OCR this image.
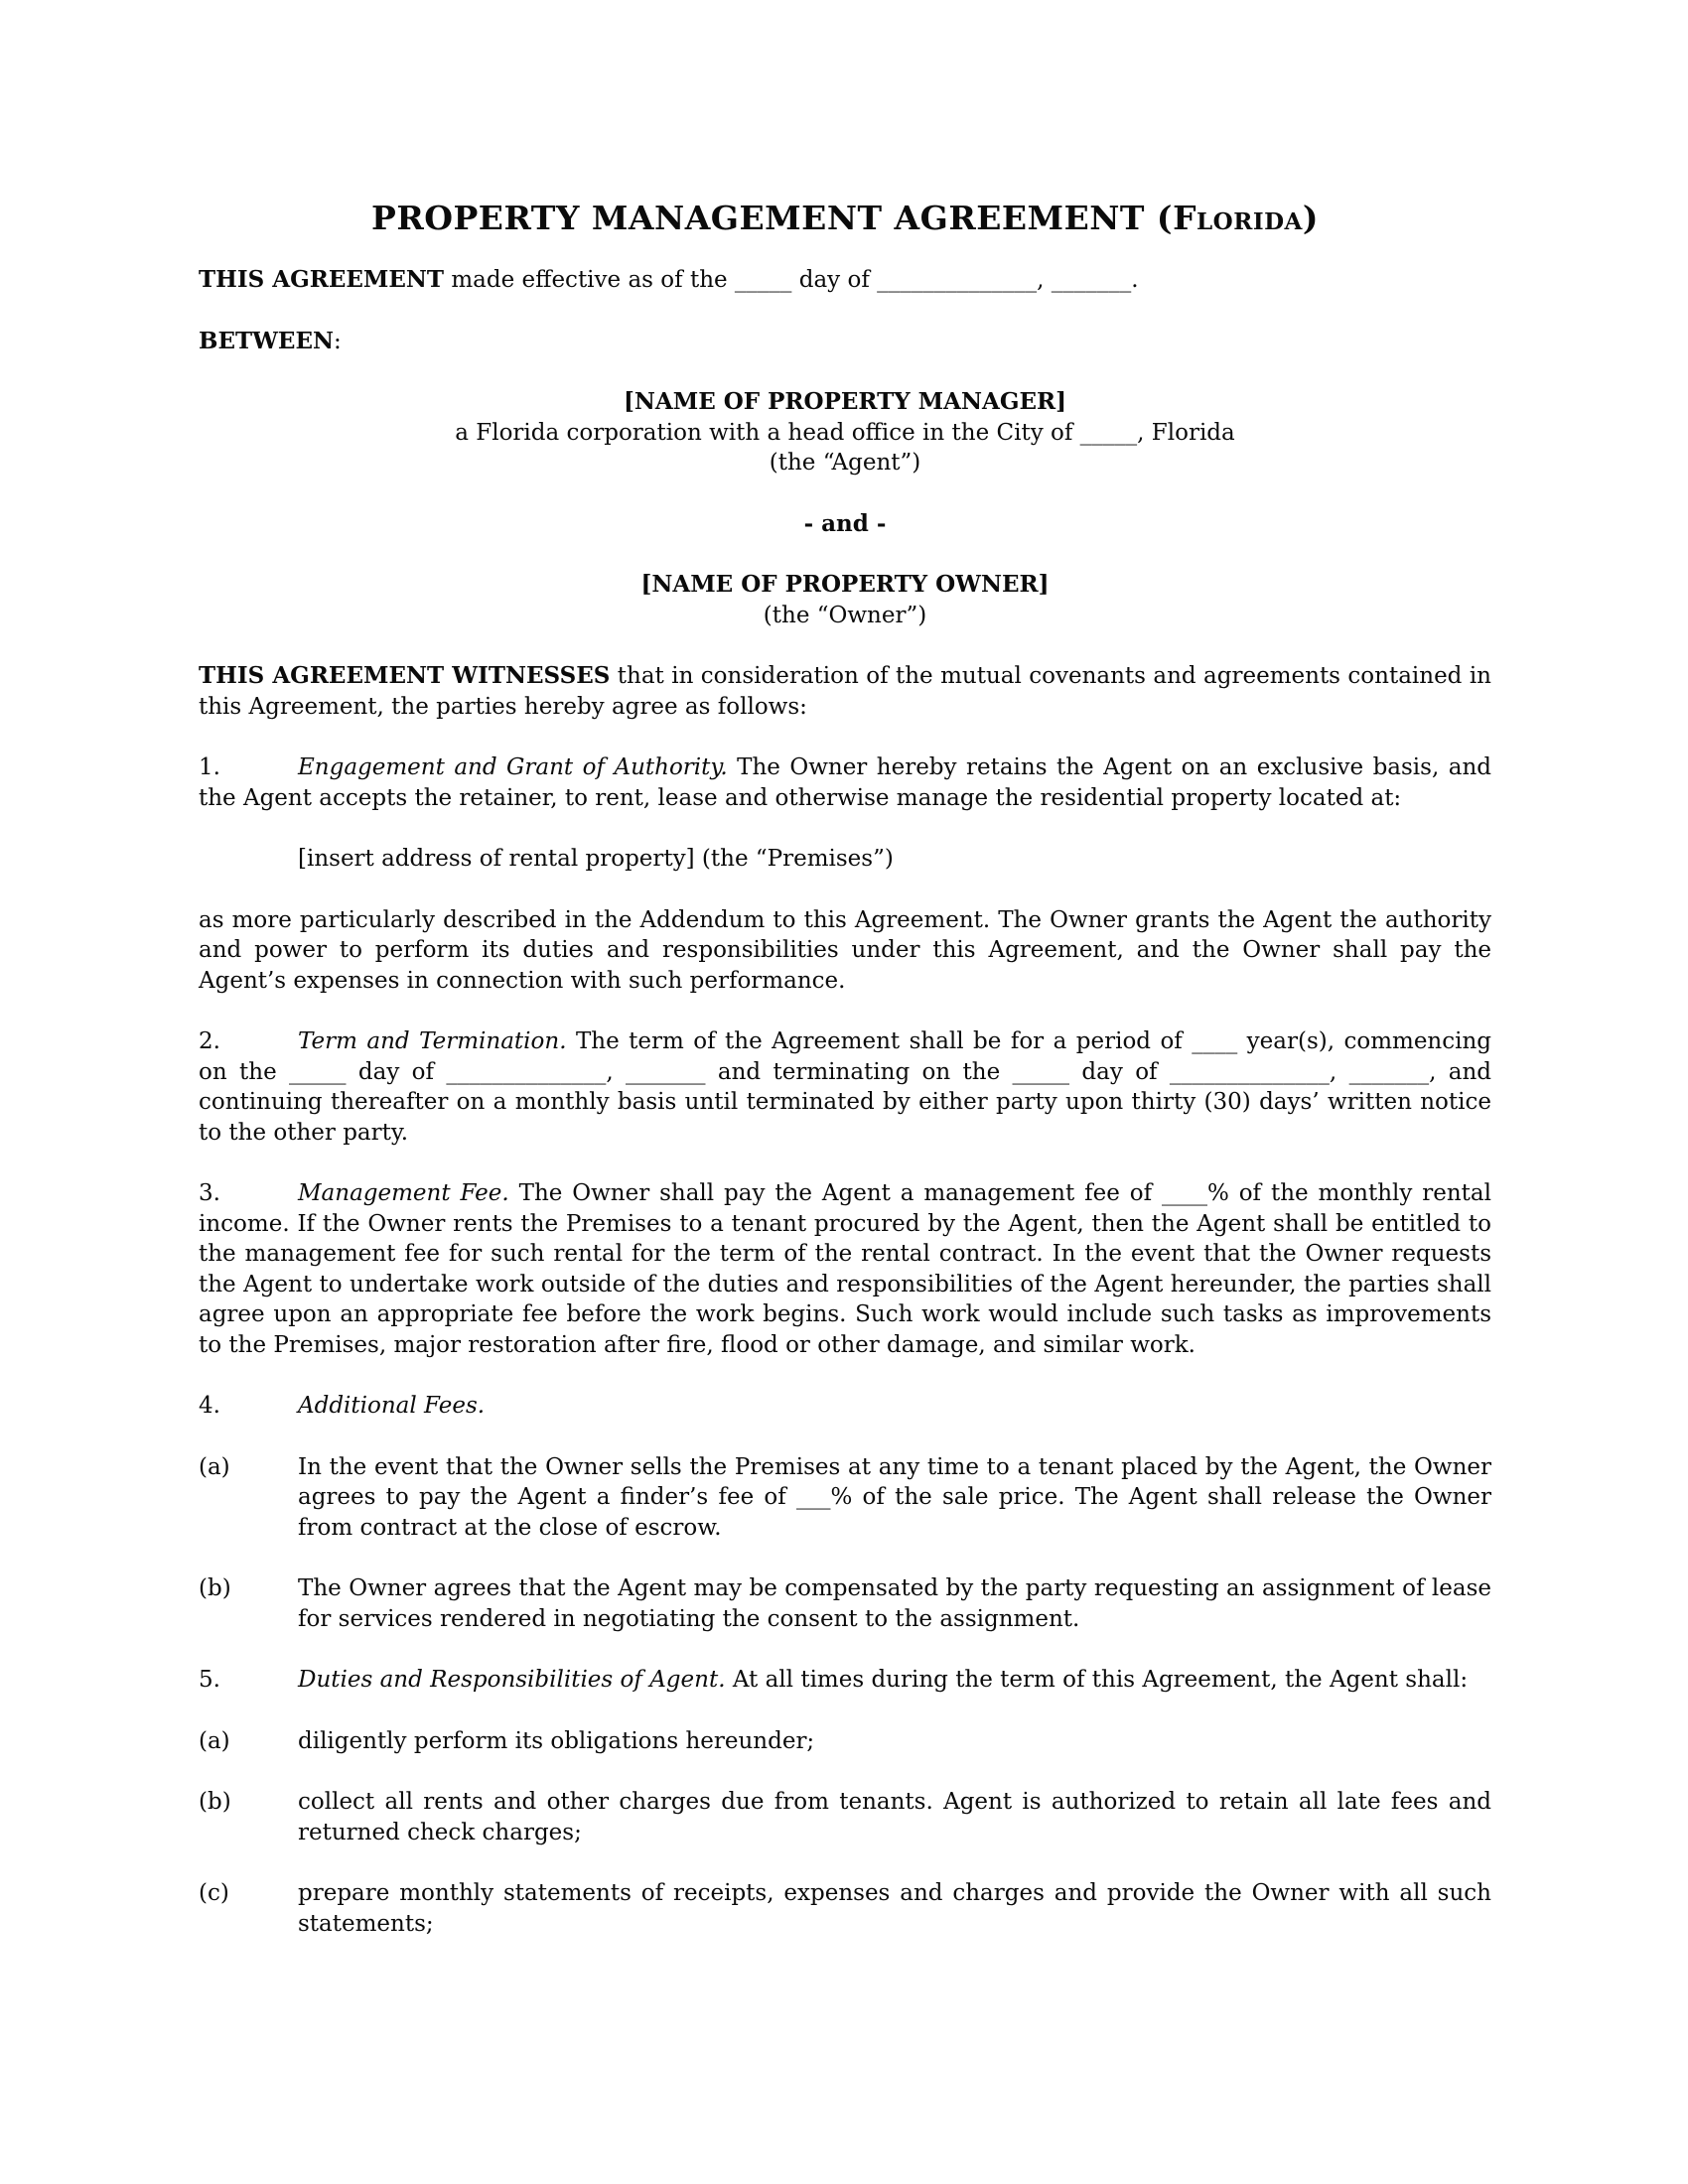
PROPERTY MANAGEMENT AGREEMENT (Florida)

THIS AGREEMENT made effective as of the _____ day of ______________, _______.

BETWEEN:

[NAME OF PROPERTY MANAGER]
a Florida corporation with a head office in the City of _____, Florida
(the “Agent”)

- and -

[NAME OF PROPERTY OWNER]
(the “Owner”)

THIS AGREEMENT WITNESSES that in consideration of the mutual covenants and agreements contained in this Agreement, the parties hereby agree as follows:

1.	Engagement and Grant of Authority. The Owner hereby retains the Agent on an exclusive basis, and the Agent accepts the retainer, to rent, lease and otherwise manage the residential property located at:

[insert address of rental property] (the “Premises”)

as more particularly described in the Addendum to this Agreement. The Owner grants the Agent the authority and power to perform its duties and responsibilities under this Agreement, and the Owner shall pay the Agent’s expenses in connection with such performance.

2.	Term and Termination. The term of the Agreement shall be for a period of ____ year(s), commencing on the _____ day of ______________, _______ and terminating on the _____ day of ______________, _______, and continuing thereafter on a monthly basis until terminated by either party upon thirty (30) days’ written notice to the other party.

3.	Management Fee. The Owner shall pay the Agent a management fee of ____% of the monthly rental income. If the Owner rents the Premises to a tenant procured by the Agent, then the Agent shall be entitled to the management fee for such rental for the term of the rental contract. In the event that the Owner requests the Agent to undertake work outside of the duties and responsibilities of the Agent hereunder, the parties shall agree upon an appropriate fee before the work begins. Such work would include such tasks as improvements to the Premises, major restoration after fire, flood or other damage, and similar work.

4.	Additional Fees.

(a)	In the event that the Owner sells the Premises at any time to a tenant placed by the Agent, the Owner agrees to pay the Agent a finder’s fee of ___% of the sale price. The Agent shall release the Owner from contract at the close of escrow.
(b)	The Owner agrees that the Agent may be compensated by the party requesting an assignment of lease for services rendered in negotiating the consent to the assignment.

5.	Duties and Responsibilities of Agent. At all times during the term of this Agreement, the Agent shall:

(a)	diligently perform its obligations hereunder;
(b)	collect all rents and other charges due from tenants. Agent is authorized to retain all late fees and returned check charges;
(c)	prepare monthly statements of receipts, expenses and charges and provide the Owner with all such statements;
